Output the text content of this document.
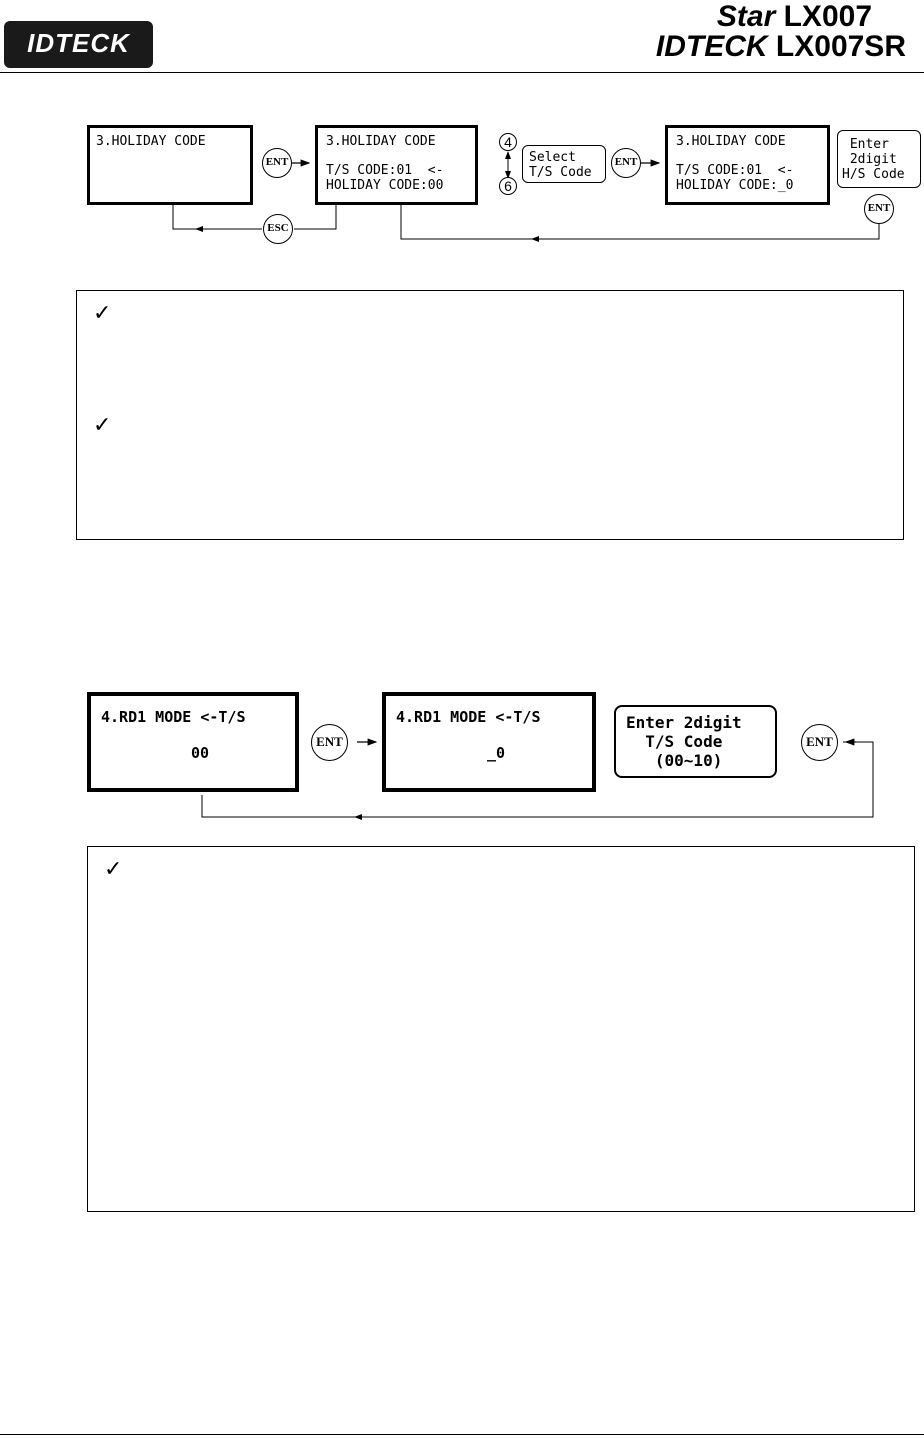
IDTECK
Star LX007
IDTECK LX007SR
3.HOLIDAY CODE
ENT
3.HOLIDAY CODE
T/S CODE:01  <-
HOLIDAY CODE:00
4
6
Select
T/S Code
ENT
3.HOLIDAY CODE
T/S CODE:01  <-
HOLIDAY CODE:_0
Enter
2digit
H/S Code
ENT
ESC
✓
✓
4.RD1 MODE <-T/S
00
ENT
4.RD1 MODE <-T/S
_0
Enter 2digit
T/S Code
(00~10)
ENT
✓
